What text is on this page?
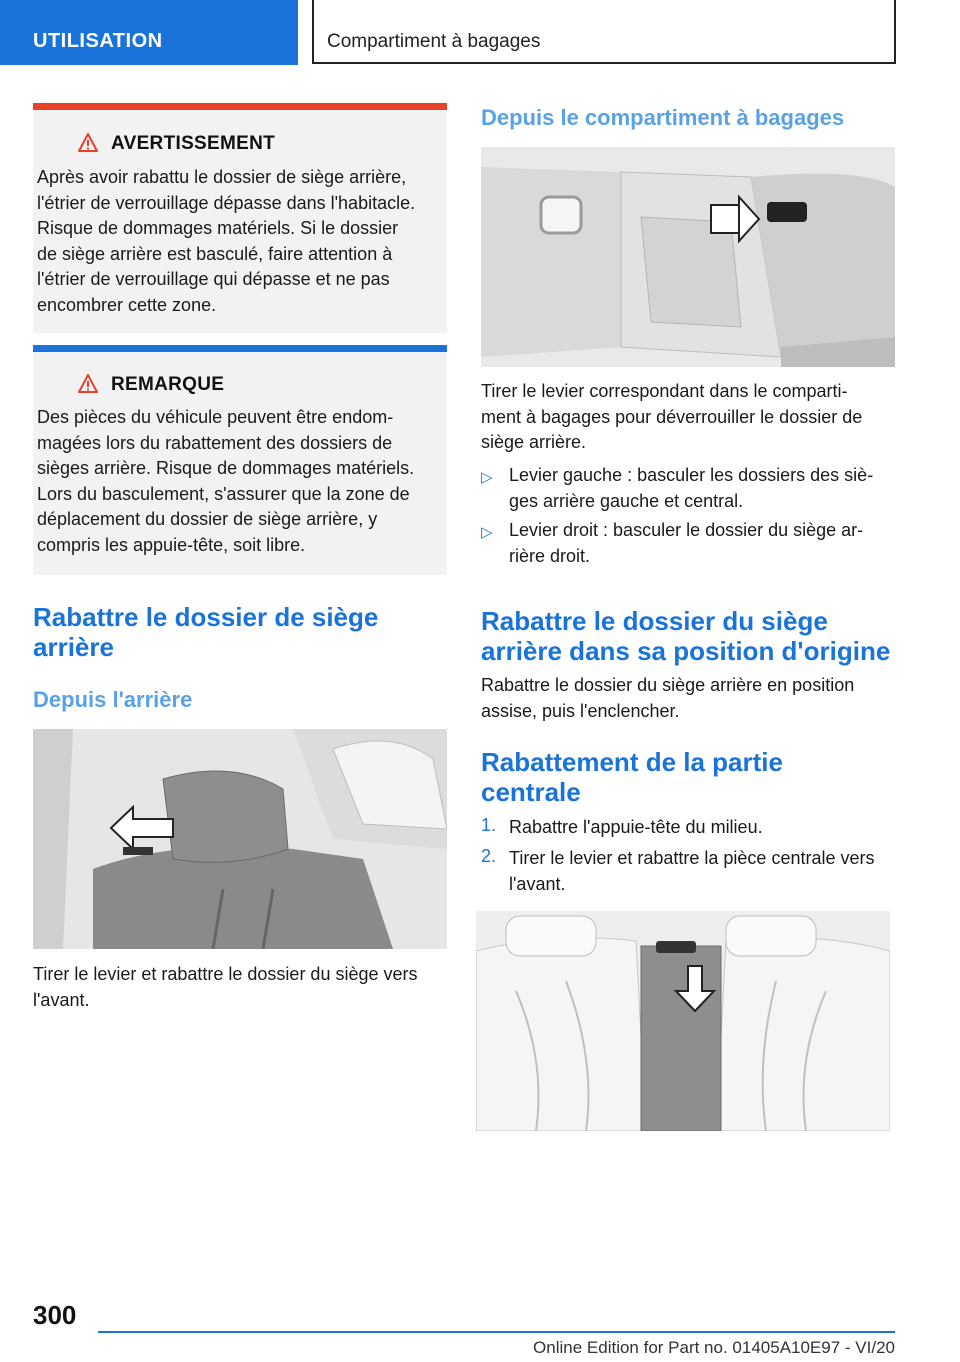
UTILISATION	Compartiment à bagages
AVERTISSEMENT
Après avoir rabattu le dossier de siège arrière,
l'étrier de verrouillage dépasse dans l'habitacle.
Risque de dommages matériels. Si le dossier
de siège arrière est basculé, faire attention à
l'étrier de verrouillage qui dépasse et ne pas
encombrer cette zone.
REMARQUE
Des pièces du véhicule peuvent être endom-
magées lors du rabattement des dossiers de
sièges arrière. Risque de dommages matériels.
Lors du basculement, s'assurer que la zone de
déplacement du dossier de siège arrière, y
compris les appuie-tête, soit libre.
Rabattre le dossier de siège
arrière
Depuis l'arrière
Tirer le levier et rabattre le dossier du siège vers
l'avant.
Depuis le compartiment à bagages
Tirer le levier correspondant dans le comparti-
ment à bagages pour déverrouiller le dossier de
siège arrière.
▷ Levier gauche : basculer les dossiers des siè-
ges arrière gauche et central.
▷ Levier droit : basculer le dossier du siège ar-
rière droit.
Rabattre le dossier du siège
arrière dans sa position d'origine
Rabattre le dossier du siège arrière en position
assise, puis l'enclencher.
Rabattement de la partie
centrale
1. Rabattre l'appuie-tête du milieu.
2. Tirer le levier et rabattre la pièce centrale vers
l'avant.
300
Online Edition for Part no. 01405A10E97 - VI/20
